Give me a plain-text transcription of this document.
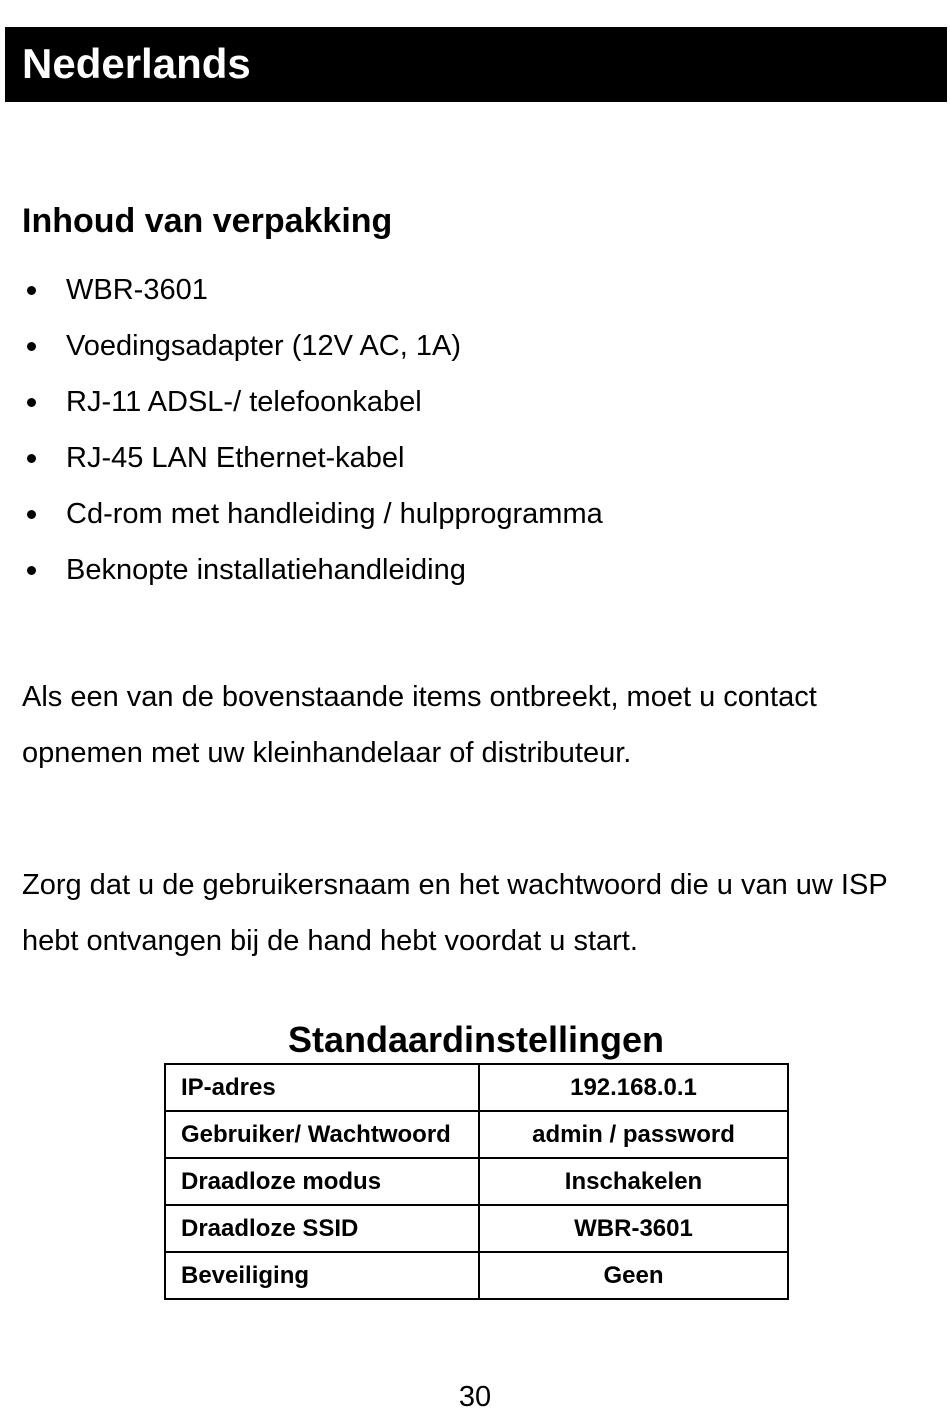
Nederlands
Inhoud van verpakking
WBR-3601
Voedingsadapter (12V AC, 1A)
RJ-11 ADSL-/ telefoonkabel
RJ-45 LAN Ethernet-kabel
Cd-rom met handleiding / hulpprogramma
Beknopte installatiehandleiding

Als een van de bovenstaande items ontbreekt, moet u contact opnemen met uw kleinhandelaar of distributeur.

Zorg dat u de gebruikersnaam en het wachtwoord die u van uw ISP hebt ontvangen bij de hand hebt voordat u start.

Standaardinstellingen
IP-adres	192.168.0.1
Gebruiker/ Wachtwoord	admin / password
Draadloze modus	Inschakelen
Draadloze SSID	WBR-3601
Beveiliging	Geen
30
